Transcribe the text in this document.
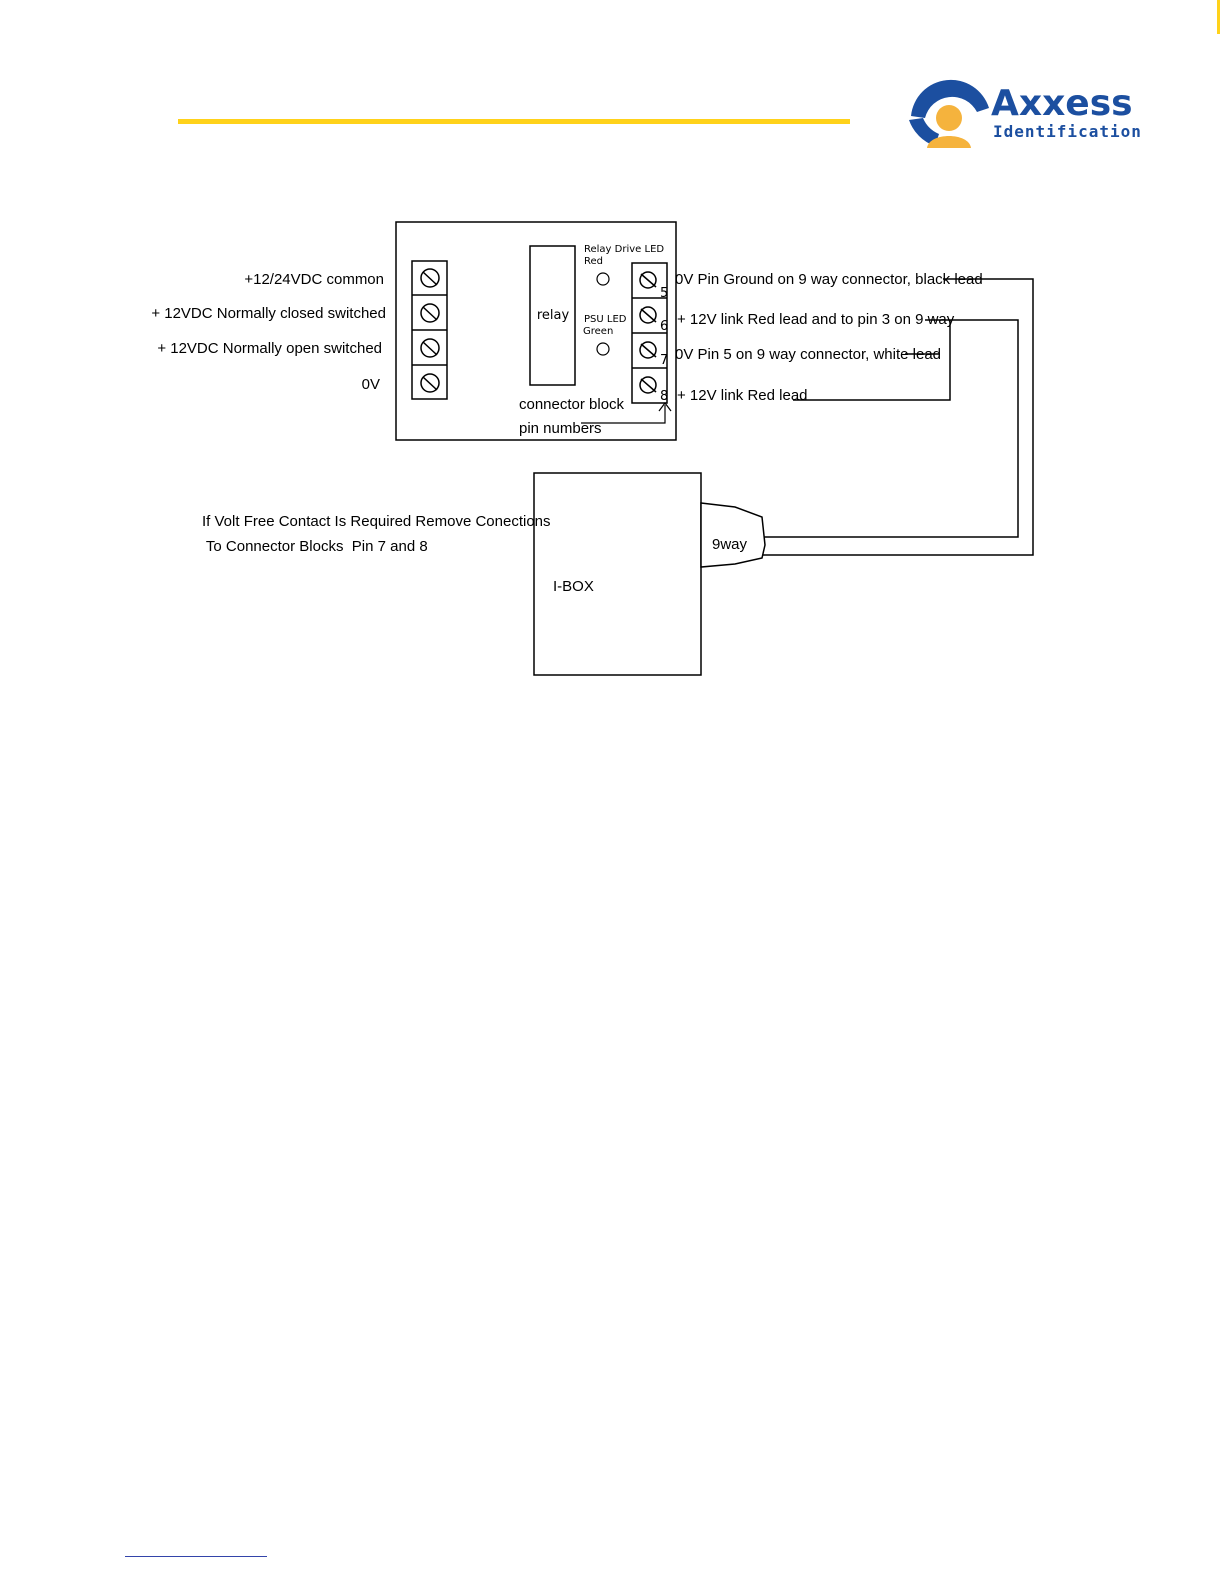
Axxess
Identification
+12/24VDC common
+ 12VDC Normally closed switched
+ 12VDC Normally open switched
0V
relay
Relay Drive LED
Red
PSU LED
Green
5
6
7
8
0V Pin Ground on 9 way connector, black lead
+ 12V link Red lead and to pin 3 on 9 way
0V Pin 5 on 9 way connector, white lead
+ 12V link Red lead
connector block
pin numbers
I-BOX
9way
If Volt Free Contact Is Required Remove Conections
To Connector Blocks  Pin 7 and 8
